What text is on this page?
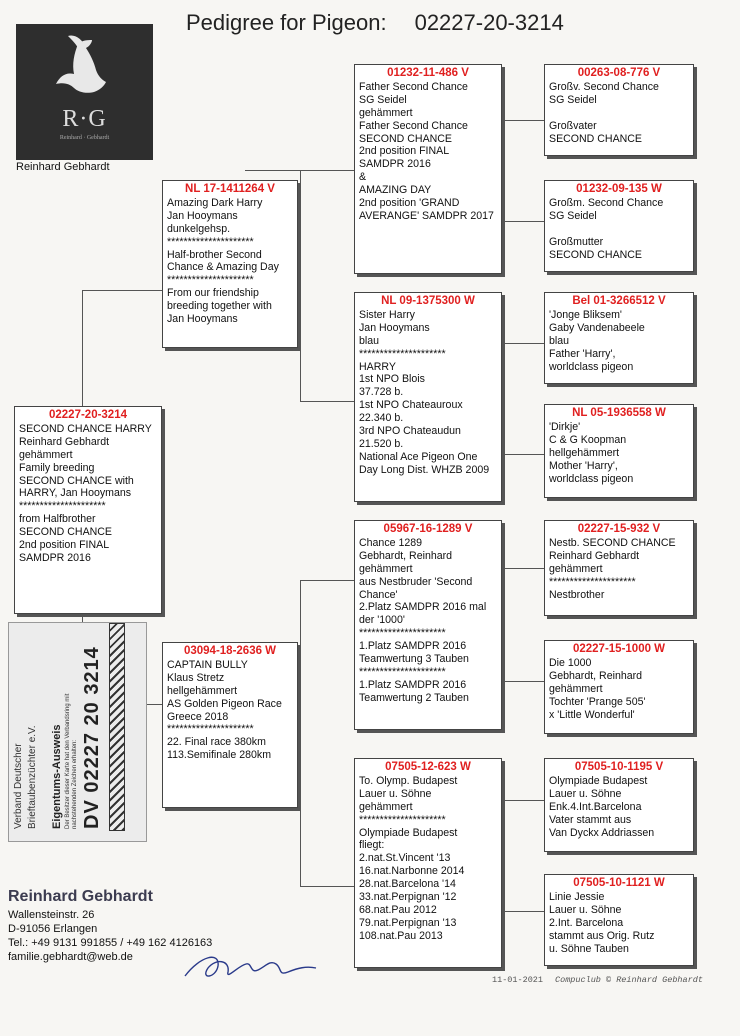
Pedigree for Pigeon: 02227-20-3214
R·G
Reinhard · Gebhardt
Reinhard Gebhardt
02227-20-3214
SECOND CHANCE HARRY
Reinhard Gebhardt
gehämmert
Family breeding
SECOND CHANCE with
HARRY, Jan Hooymans
*********************
from Halfbrother
SECOND CHANCE
2nd position FINAL
SAMDPR 2016
NL 17-1411264 V
Amazing Dark Harry
Jan Hooymans
dunkelgehsp.
*********************
Half-brother Second
Chance & Amazing Day
*********************
From our friendship
breeding together with
Jan Hooymans
03094-18-2636 W
CAPTAIN BULLY
Klaus Stretz
hellgehämmert
AS Golden Pigeon Race
Greece 2018
*********************
22. Final race 380km
113.Semifinale 280km
01232-11-486 V
Father Second Chance
SG Seidel
gehämmert
Father Second Chance
SECOND CHANCE
2nd position FINAL
SAMDPR 2016
&
AMAZING DAY
2nd position 'GRAND
AVERANGE' SAMDPR 2017
NL 09-1375300 W
Sister Harry
Jan Hooymans
blau
*********************
HARRY
1st NPO Blois
37.728 b.
1st NPO Chateauroux
22.340 b.
3rd NPO Chateaudun
21.520 b.
National Ace Pigeon One
Day Long Dist. WHZB 2009
05967-16-1289 V
Chance 1289
Gebhardt, Reinhard
gehämmert
aus Nestbruder 'Second
Chance'
2.Platz SAMDPR 2016 mal
der '1000'
*********************
1.Platz SAMDPR 2016
Teamwertung 3 Tauben
*********************
1.Platz SAMDPR 2016
Teamwertung 2 Tauben
07505-12-623 W
To. Olymp. Budapest
Lauer u. Söhne
gehämmert
*********************
Olympiade Budapest
fliegt:
2.nat.St.Vincent '13
16.nat.Narbonne 2014
28.nat.Barcelona '14
33.nat.Perpignan '12
68.nat.Pau 2012
79.nat.Perpignan '13
108.nat.Pau 2013
00263-08-776 V
Großv. Second Chance
SG Seidel

Großvater
SECOND CHANCE
01232-09-135 W
Großm. Second Chance
SG Seidel

Großmutter
SECOND CHANCE
Bel 01-3266512 V
'Jonge Bliksem'
Gaby Vandenabeele
blau
Father 'Harry',
worldclass pigeon
NL 05-1936558 W
'Dirkje'
C & G Koopman
hellgehämmert
Mother 'Harry',
worldclass pigeon
02227-15-932 V
Nestb. SECOND CHANCE
Reinhard Gebhardt
gehämmert
*********************
Nestbrother
02227-15-1000 W
Die 1000
Gebhardt, Reinhard
gehämmert
Tochter 'Prange 505'
x 'Little Wonderful'
07505-10-1195 V
Olympiade Budapest
Lauer u. Söhne
Enk.4.Int.Barcelona
Vater stammt aus
Van Dyckx Addriassen
07505-10-1121 W
Linie Jessie
Lauer u. Söhne
2.Int. Barcelona
stammt aus Orig. Rutz
u. Söhne Tauben
Verband Deutscher Brieftaubenzüchter e.V. Eigentums-Ausweis Der Besitzer dieser Karte hat den Verbandsring mit nachstehenden Zeichen erhalten: DV 02227 20 3214
Reinhard Gebhardt
Wallensteinstr. 26
D-91056 Erlangen
Tel.: +49 9131 991855 / +49 162 4126163
familie.gebhardt@web.de
11-01-2021 Compuclub © Reinhard Gebhardt
